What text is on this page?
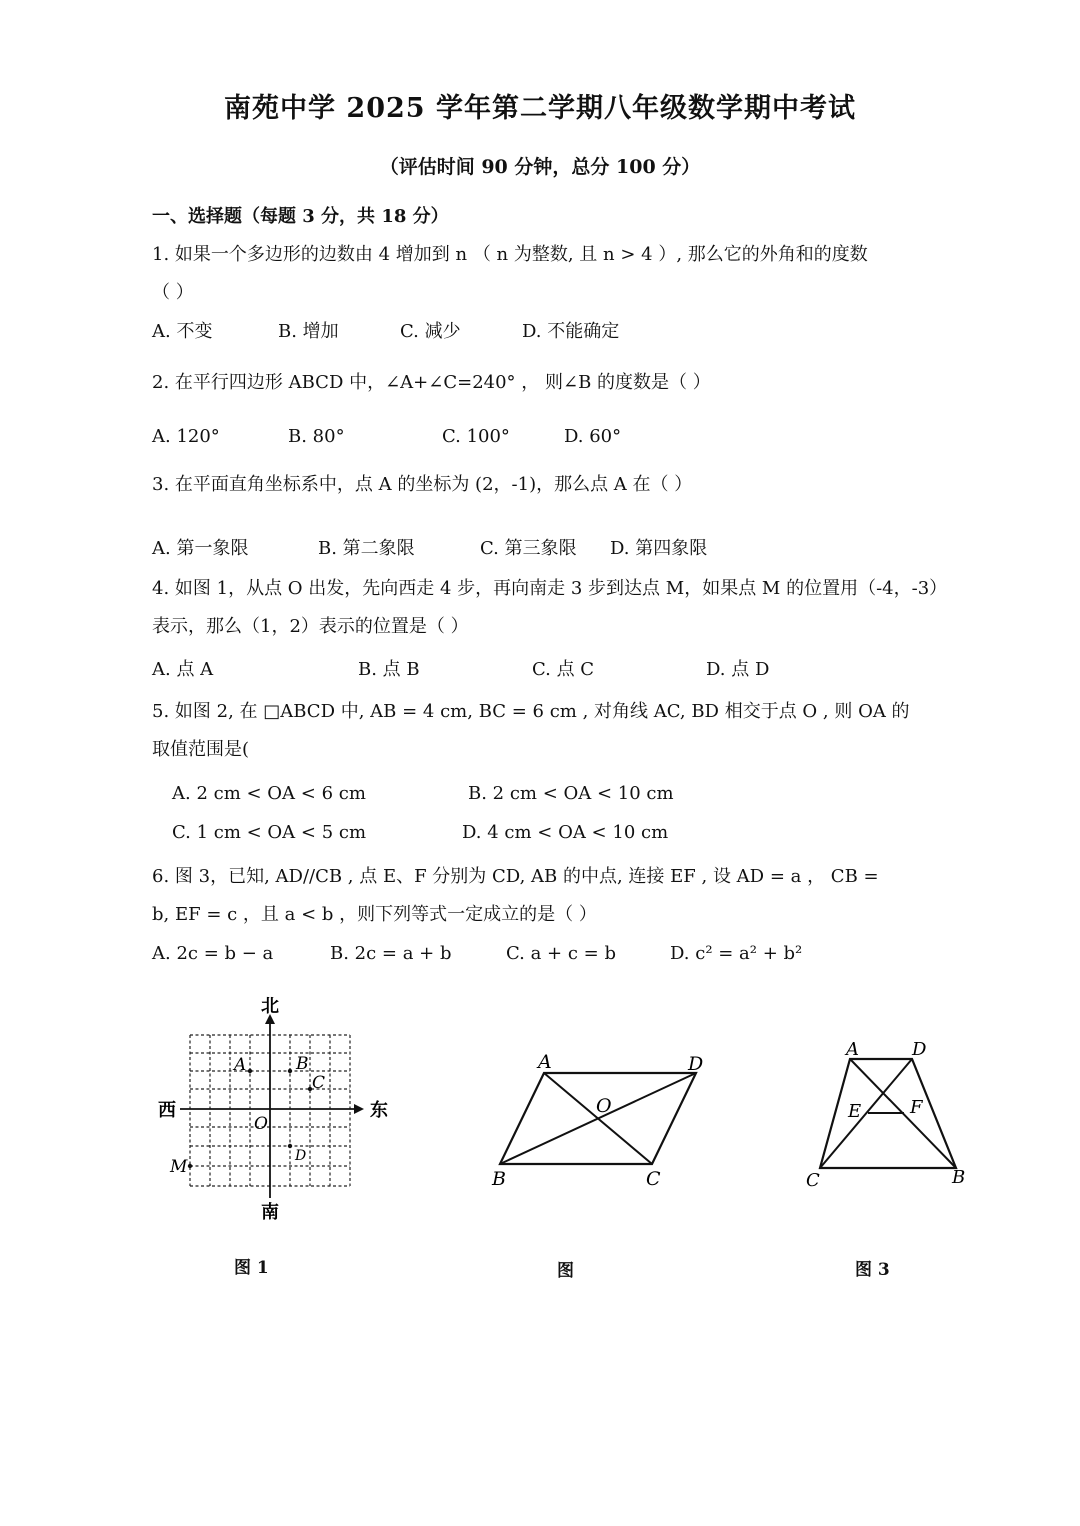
南苑中学 2025 学年第二学期八年级数学期中考试
（评估时间 90 分钟，总分 100 分）
一、选择题（每题 3 分，共 18 分）
1. 如果一个多边形的边数由 4 增加到 n （ n 为整数, 且 n > 4 ）, 那么它的外角和的度数
（ ）
A. 不变	B. 增加	C. 减少	D. 不能确定
2. 在平行四边形 ABCD 中，∠A+∠C=240° ， 则∠B 的度数是（ ）
A. 120°	B. 80°	C. 100°	D. 60°
3. 在平面直角坐标系中，点 A 的坐标为 (2，-1)，那么点 A 在（ ）
A. 第一象限	B. 第二象限	C. 第三象限 D. 第四象限
4. 如图 1，从点 O 出发，先向西走 4 步，再向南走 3 步到达点 M，如果点 M 的位置用（-4，-3）
表示，那么（1，2）表示的位置是（ ）
A. 点 A	B. 点 B	C. 点 C	D. 点 D
5. 如图 2, 在 □ABCD 中, AB = 4 cm, BC = 6 cm , 对角线 AC, BD 相交于点 O , 则 OA 的
取值范围是(
A. 2 cm < OA < 6 cm	B. 2 cm < OA < 10 cm
C. 1 cm < OA < 5 cm	D. 4 cm < OA < 10 cm
6. 图 3，已知, AD//CB , 点 E、F 分别为 CD, AB 的中点, 连接 EF , 设 AD = a ， CB =
b, EF = c ，且 a < b ，则下列等式一定成立的是（ ）
A. 2c = b − a	B. 2c = a + b	C. a + c = b	D. c² = a² + b²
北
南
西	东
O
A	B
C
M
D
图 1
A	D
B	C
O
图
A	D
C	B
E	F
图 3
